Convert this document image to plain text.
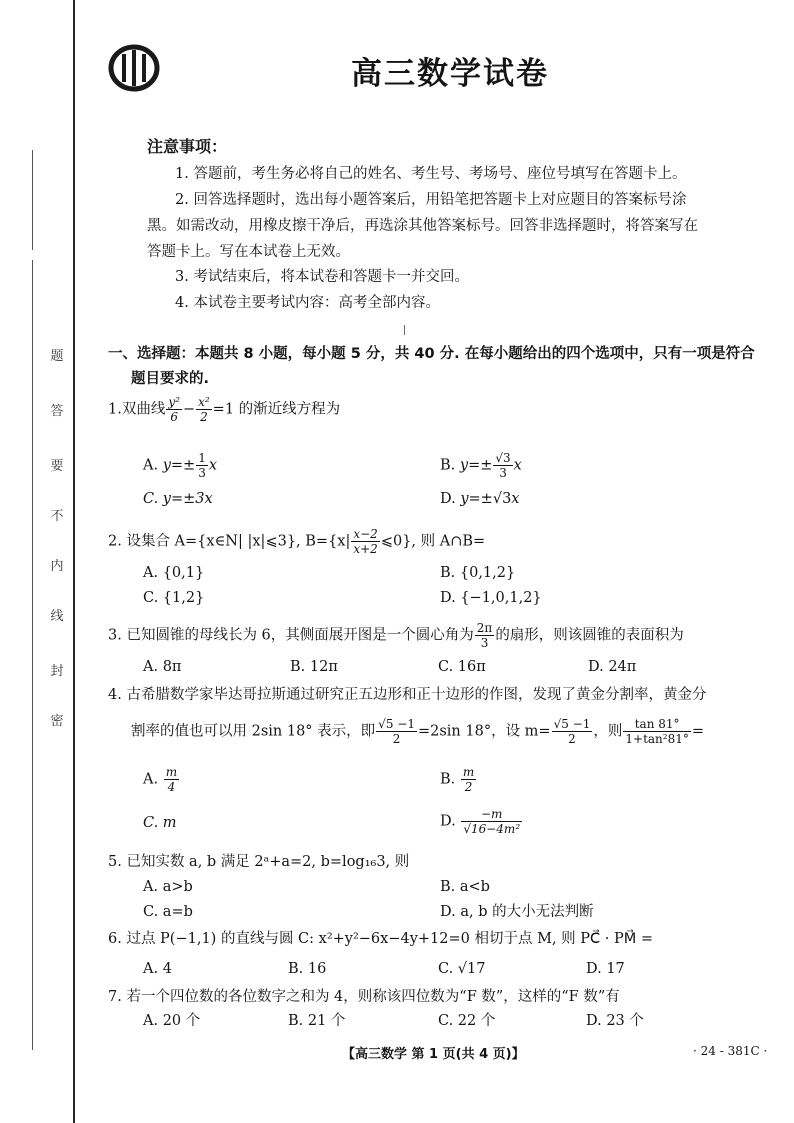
题
答
要
不
内
线
封
密
高三数学试卷
注意事项：
1. 答题前，考生务必将自己的姓名、考生号、考场号、座位号填写在答题卡上。
2. 回答选择题时，选出每小题答案后，用铅笔把答题卡上对应题目的答案标号涂
黑。如需改动，用橡皮擦干净后，再选涂其他答案标号。回答非选择题时，将答案写在
答题卡上。写在本试卷上无效。
3. 考试结束后，将本试卷和答题卡一并交回。
4. 本试卷主要考试内容：高考全部内容。
一、选择题：本题共 8 小题，每小题 5 分，共 40 分. 在每小题给出的四个选项中，只有一项是符合
题目要求的.
1.双曲线 $\frac{\text{y²}}{6} - \frac{\text{x²}}{2} =1$ 的渐近线方程为
A. $y=\pm \frac{1}{3}$ x	B. $y=\pm \frac{√3}{3}$ x
C. y=±3x	D. y=±√3x
2. 设集合 A={x∈N| |x|⩽3}, $B=\{x| \frac{x-2}{x+2}$ ⩽0}, 则 A∩B=
A. {0,1}	B. {0,1,2}
C. {1,2}	D. {−1,0,1,2}
3. 已知圆锥的母线长为 6，其侧面展开图是一个圆心角为 $\frac{2\pi}{3}$ 的扇形，则该圆锥的表面积为
A. 8π	B. 12π	C. 16π	D. 24π
4. 古希腊数学家毕达哥拉斯通过研究正五边形和正十边形的作图，发现了黄金分割率，黄金分
割率的值也可以用 2sin 18° 表示，即 $\frac{√5 -1}{2} =2\sin$ 18°，设 $m= \frac{√5 -1}{2}$ ，则 $\frac{\tan 81^\circ}{\text{1+tan²81°}}$ =
A. $\frac{m}{4}$	B. $\frac{m}{2}$
C. m	D. $\frac{-m}{\text{√16−4m²}}$
5. 已知实数 a, b 满足 2ᵃ+a=2, b=log₁₆3, 则
A. a>b	B. a<b
C. a=b	D. a, b 的大小无法判断
6. 过点 P(−1,1) 的直线与圆 C: x²+y²−6x−4y+12=0 相切于点 M, 则 PC⃗ · PM⃗ =
A. 4	B. 16	C. √17	D. 17
7. 若一个四位数的各位数字之和为 4，则称该四位数为“F 数”，这样的“F 数”有
A. 20 个	B. 21 个	C. 22 个	D. 23 个
【高三数学 第 1 页(共 4 页)】	· 24 - 381C ·
